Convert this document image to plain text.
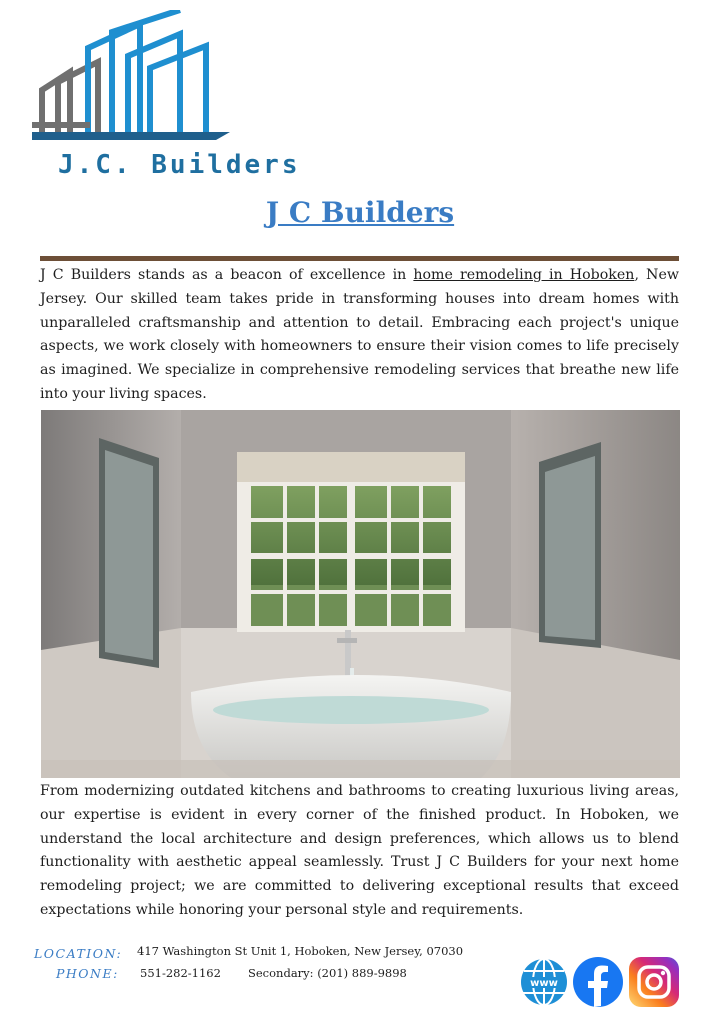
J.C. Builders
J C Builders

J C Builders stands as a beacon of excellence in home remodeling in Hoboken, New Jersey. Our skilled team takes pride in transforming houses into dream homes with unparalleled craftsmanship and attention to detail. Embracing each project's unique aspects, we work closely with homeowners to ensure their vision comes to life precisely as imagined. We specialize in comprehensive remodeling services that breathe new life into your living spaces.

From modernizing outdated kitchens and bathrooms to creating luxurious living areas, our expertise is evident in every corner of the finished product. In Hoboken, we understand the local architecture and design preferences, which allows us to blend functionality with aesthetic appeal seamlessly. Trust J C Builders for your next home remodeling project; we are committed to delivering exceptional results that exceed expectations while honoring your personal style and requirements.

LOCATION: 417 Washington St Unit 1, Hoboken, New Jersey, 07030
PHONE: 551-282-1162 Secondary: (201) 889-9898
www
